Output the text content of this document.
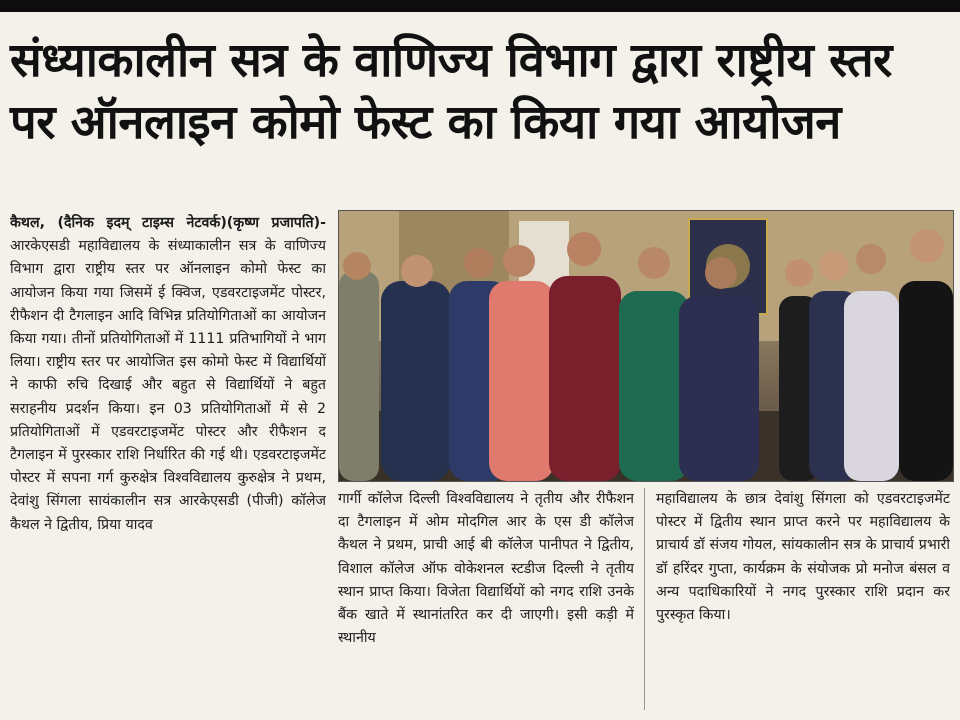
संध्याकालीन सत्र के वाणिज्य विभाग द्वारा राष्ट्रीय स्तर
पर ऑनलाइन कोमो फेस्ट का किया गया आयोजन
कैथल, (दैनिक इदम् टाइम्स नेटवर्क)(कृष्ण प्रजापति)- आरकेएसडी महाविद्यालय के संध्याकालीन सत्र के वाणिज्य विभाग द्वारा राष्ट्रीय स्तर पर ऑनलाइन कोमो फेस्ट का आयोजन किया गया जिसमें ई क्विज, एडवरटाइजमेंट पोस्टर, रीफैशन दी टैगलाइन आदि विभिन्न प्रतियोगिताओं का आयोजन किया गया। तीनों प्रतियोगिताओं में 1111 प्रतिभागियों ने भाग लिया। राष्ट्रीय स्तर पर आयोजित इस कोमो फेस्ट में विद्यार्थियों ने काफी रुचि दिखाई और बहुत से विद्यार्थियों ने बहुत सराहनीय प्रदर्शन किया। इन 03 प्रतियोगिताओं में से 2 प्रतियोगिताओं में एडवरटाइजमेंट पोस्टर और रीफैशन द टैगलाइन में पुरस्कार राशि निर्धारित की गई थी। एडवरटाइजमेंट पोस्टर में सपना गर्ग कुरुक्षेत्र विश्वविद्यालय कुरुक्षेत्र ने प्रथम, देवांशु सिंगला सायंकालीन सत्र आरकेएसडी (पीजी) कॉलेज कैथल ने द्वितीय, प्रिया यादव
गार्गी कॉलेज दिल्ली विश्वविद्यालय ने तृतीय और रीफैशन दा टैगलाइन में ओम मोदगिल आर के एस डी कॉलेज कैथल ने प्रथम, प्राची आई बी कॉलेज पानीपत ने द्वितीय, विशाल कॉलेज ऑफ वोकेशनल स्टडीज दिल्ली ने तृतीय स्थान प्राप्त किया। विजेता विद्यार्थियों को नगद राशि उनके बैंक खाते में स्थानांतरित कर दी जाएगी। इसी कड़ी में स्थानीय
महाविद्यालय के छात्र देवांशु सिंगला को एडवरटाइजमेंट पोस्टर में द्वितीय स्थान प्राप्त करने पर महाविद्यालय के प्राचार्य डॉ संजय गोयल, सांयकालीन सत्र के प्राचार्य प्रभारी डॉ हरिंदर गुप्ता, कार्यक्रम के संयोजक प्रो मनोज बंसल व अन्य पदाधिकारियों ने नगद पुरस्कार राशि प्रदान कर पुरस्कृत किया।
